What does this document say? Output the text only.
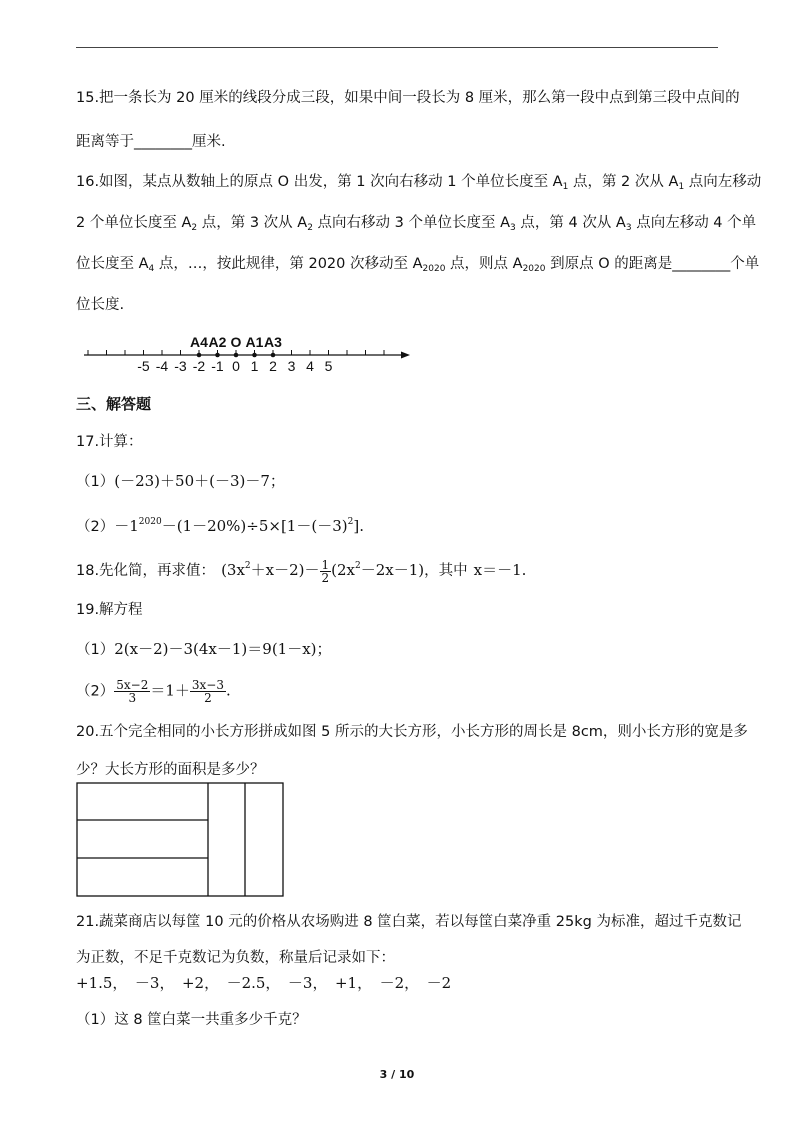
15.把一条长为 20 厘米的线段分成三段，如果中间一段长为 8 厘米，那么第一段中点到第三段中点间的
距离等于________厘米.
16.如图，某点从数轴上的原点 O 出发，第 1 次向右移动 1 个单位长度至 $A_1$ 点，第 2 次从 $A_1$ 点向左移动
2 个单位长度至 $A_2$ 点，第 3 次从 $A_2$ 点向右移动 3 个单位长度至 $A_3$ 点，第 4 次从 $A_3$ 点向左移动 4 个单
位长度至 $A_4$ 点，…，按此规律，第 2020 次移动至 $A_{2020}$ 点，则点 $A_{2020}$ 到原点 O 的距离是________个单
位长度.
-5 -4 -3 -2 -1 0 1 2 3 4 5
A4 A2 O A1 A3
三、解答题
17.计算：
（1）(－23)＋50＋(－3)－7；
$(2)-1^{2020}-(1-20\%)\div 5\times[1-(-3)^2]$.
18.先化简，再求值： $(3x^2+x-2)- \frac{1}{2} (2x^2-2x-1)$，其中 x＝－1.
19.解方程
（1）2(x－2)－3(4x－1)＝9(1－x)；
$(2) \frac{5x-2}{3} =1+ \frac{3x-3}{2}$ .
20.五个完全相同的小长方形拼成如图 5 所示的大长方形，小长方形的周长是 8cm，则小长方形的宽是多
少？大长方形的面积是多少？
21.蔬菜商店以每筐 10 元的价格从农场购进 8 筐白菜，若以每筐白菜净重 25kg 为标准，超过千克数记
为正数，不足千克数记为负数，称量后记录如下：
+1.5，　－3，　+2，　－2.5，　－3，　+1，　－2，　－2
（1）这 8 筐白菜一共重多少千克？
3 / 10
